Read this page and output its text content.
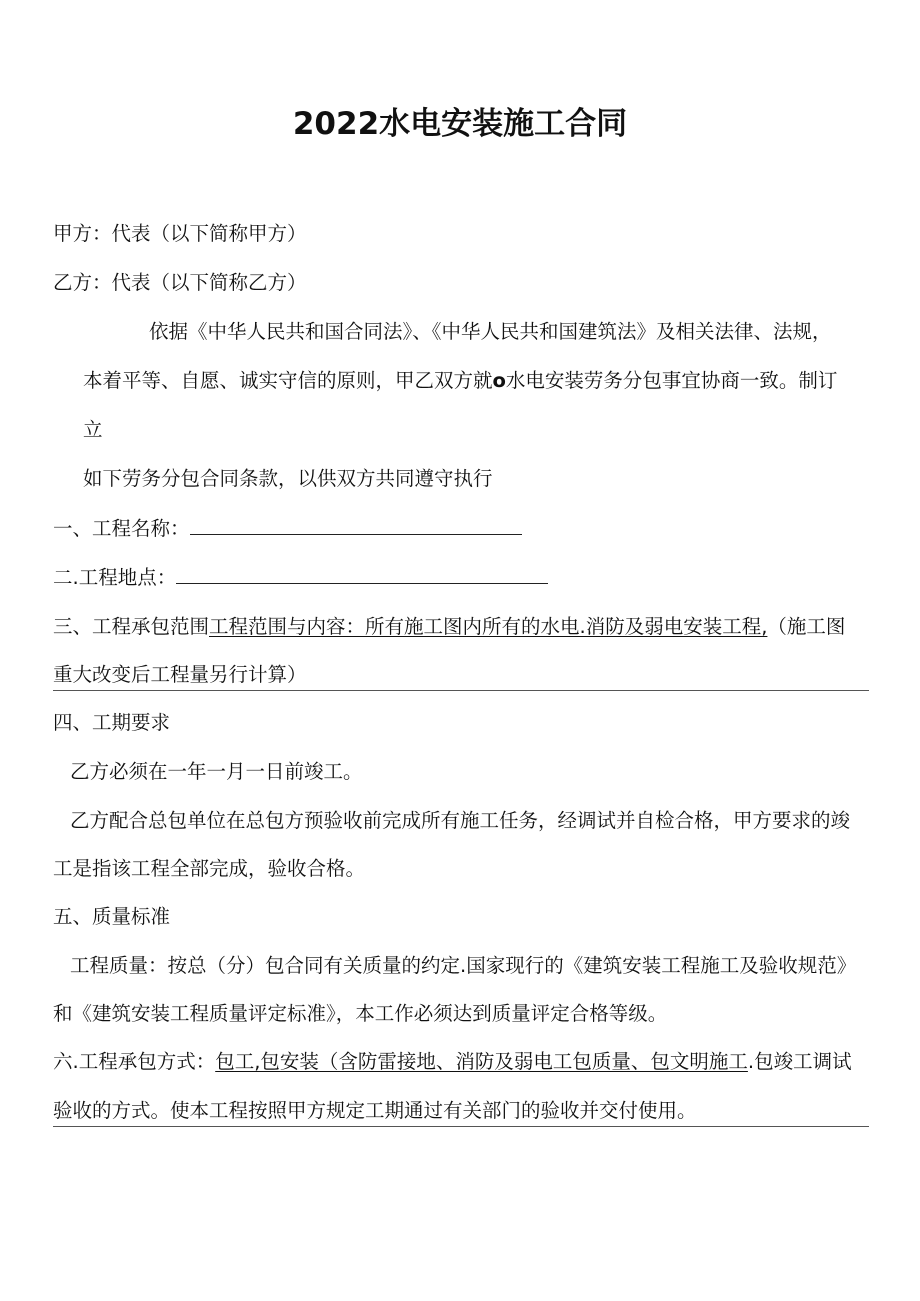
2022水电安装施工合同
甲方：代表（以下简称甲方）
乙方：代表（以下简称乙方）
依据《中华人民共和国合同法》、《中华人民共和国建筑法》及相关法律、法规，
本着平等、自愿、诚实守信的原则，甲乙双方就o水电安装劳务分包事宜协商一致。制订
立
如下劳务分包合同条款，以供双方共同遵守执行
一、工程名称：
二.工程地点：
三、工程承包范围工程范围与内容：所有施工图内所有的水电.消防及弱电安装工程,（施工图
重大改变后工程量另行计算）
四、工期要求
乙方必须在一年一月一日前竣工。
乙方配合总包单位在总包方预验收前完成所有施工任务，经调试并自检合格，甲方要求的竣
工是指该工程全部完成，验收合格。
五、质量标准
工程质量：按总（分）包合同有关质量的约定.国家现行的《建筑安装工程施工及验收规范》
和《建筑安装工程质量评定标准》，本工作必须达到质量评定合格等级。
六.工程承包方式：包工,包安装（含防雷接地、消防及弱电工包质量、包文明施工.包竣工调试
验收的方式。使本工程按照甲方规定工期通过有关部门的验收并交付使用。
